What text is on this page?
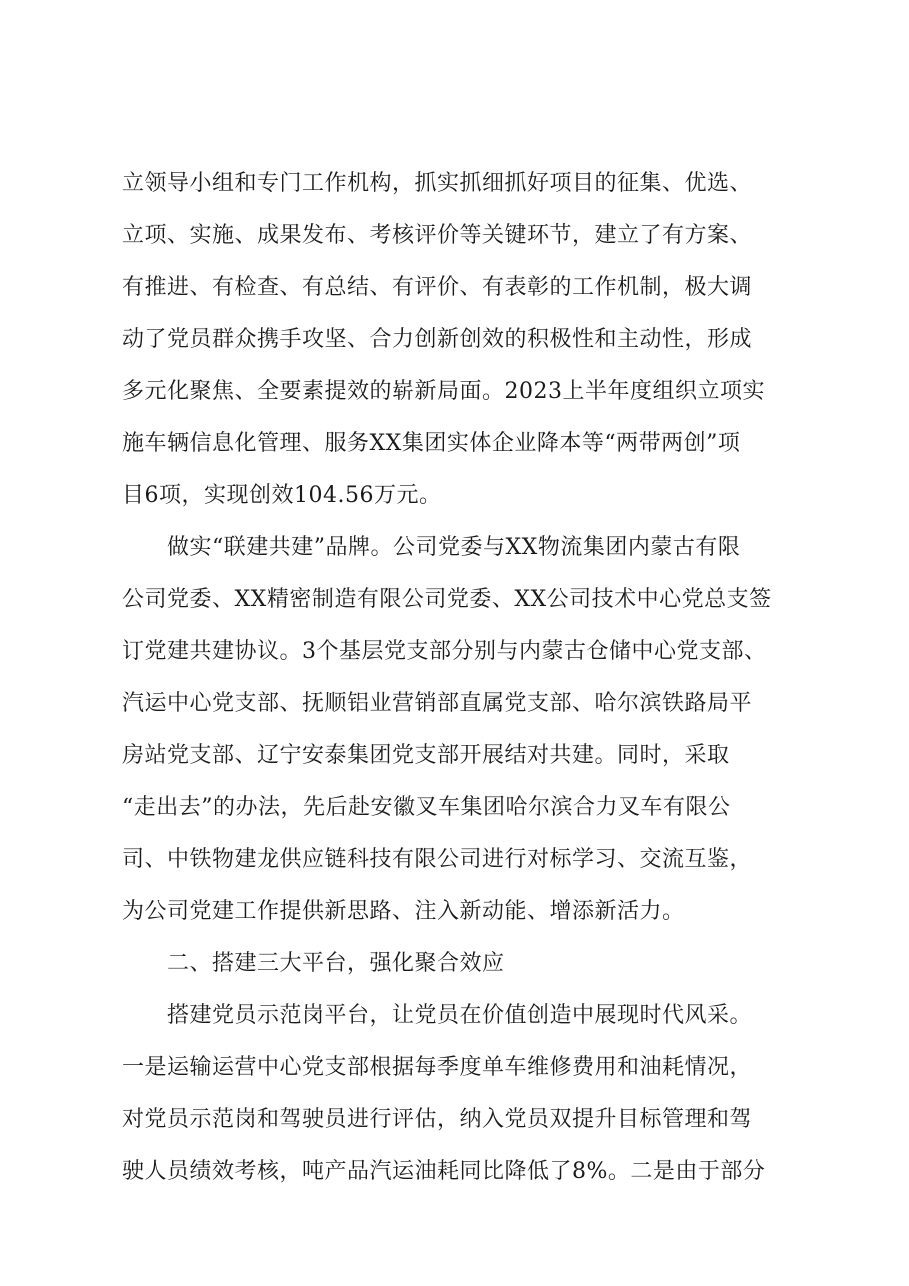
立领导小组和专门工作机构，抓实抓细抓好项目的征集、优选、
立项、实施、成果发布、考核评价等关键环节，建立了有方案、
有推进、有检查、有总结、有评价、有表彰的工作机制，极大调
动了党员群众携手攻坚、合力创新创效的积极性和主动性，形成
多元化聚焦、全要素提效的崭新局面。2023上半年度组织立项实
施车辆信息化管理、服务XX集团实体企业降本等“两带两创”项
目6项，实现创效104.56万元。
做实“联建共建”品牌。公司党委与XX物流集团内蒙古有限
公司党委、XX精密制造有限公司党委、XX公司技术中心党总支签
订党建共建协议。3个基层党支部分别与内蒙古仓储中心党支部、
汽运中心党支部、抚顺铝业营销部直属党支部、哈尔滨铁路局平
房站党支部、辽宁安泰集团党支部开展结对共建。同时，采取
“走出去”的办法，先后赴安徽叉车集团哈尔滨合力叉车有限公
司、中铁物建龙供应链科技有限公司进行对标学习、交流互鉴，
为公司党建工作提供新思路、注入新动能、增添新活力。
二、搭建三大平台，强化聚合效应
搭建党员示范岗平台，让党员在价值创造中展现时代风采。
一是运输运营中心党支部根据每季度单车维修费用和油耗情况，
对党员示范岗和驾驶员进行评估，纳入党员双提升目标管理和驾
驶人员绩效考核，吨产品汽运油耗同比降低了8%。二是由于部分
